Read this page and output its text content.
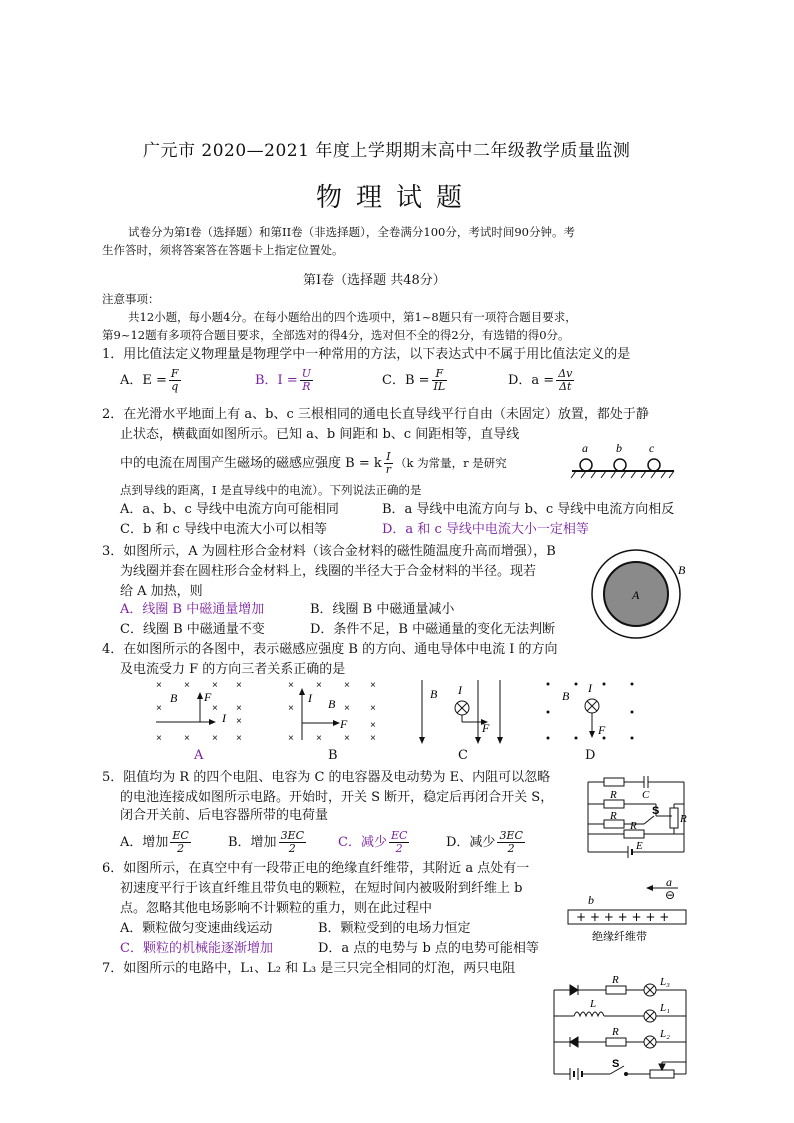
广元市 2020—2021 年度上学期期末高中二年级教学质量监测
物理试题
试卷分为第I卷（选择题）和第II卷（非选择题），全卷满分100分，考试时间90分钟。考
生作答时，须将答案答在答题卡上指定位置处。
第I卷（选择题 共48分）
注意事项：
共12小题，每小题4分。在每小题给出的四个选项中，第1~8题只有一项符合题目要求，
第9~12题有多项符合题目要求，全部选对的得4分，选对但不全的得2分，有选错的得0分。
1．用比值法定义物理量是物理学中一种常用的方法，以下表达式中不属于用比值法定义的是
A．$E = \frac{F}{q}$	B．$I = \frac{U}{R}$	C．$B = \frac{F}{IL}$	D．$a = \frac{\Delta v}{\Delta t}$
2．在光滑水平地面上有 a、b、c 三根相同的通电长直导线平行自由（未固定）放置，都处于静
止状态，横截面如图所示。已知 a、b 间距和 b、c 间距相等，直导线
中的电流在周围产生磁场的磁感应强度 B = k $\frac{I}{r} (k$ 为常量，r 是研究
点到导线的距离，I 是直导线中的电流）。下列说法正确的是
A．a、b、c 导线中电流方向可能相同	B．a 导线中电流方向与 b、c 导线中电流方向相反
C．b 和 c 导线中电流大小可以相等	D．a 和 c 导线中电流大小一定相等
a b c
3．如图所示，A 为圆柱形合金材料（该合金材料的磁性随温度升高而增强），B
为线圈并套在圆柱形合金材料上，线圈的半径大于合金材料的半径。现若
给 A 加热，则
A．线圈 B 中磁通量增加	B．线圈 B 中磁通量减小
C．线圈 B 中磁通量不变	D．条件不足，B 中磁通量的变化无法判断
A
B
4．在如图所示的各图中，表示磁感应强度 B 的方向、通电导体中电流 I 的方向
及电流受力 F 的方向三者关系正确的是
× × × ×
×	× ×
×
× × × ×
B F
I
A
× × × ×
×	× ×
×
× × × ×
I B
F
B
B I
F
C
B
I
F
D
5．阻值均为 R 的四个电阻、电容为 C 的电容器及电动势为 E、内阻可以忽略
的电池连接成如图所示电路。开始时，开关 S 断开，稳定后再闭合开关 S，
闭合开关前、后电容器所带的电荷量
A．增加 $\frac{EC}{2}$	B．增加 $\frac{3EC}{2}$ C．减少 $\frac{EC}{2}$	D．减少 $\frac{3EC}{2}$
R C
R	S
R
R
E
6．如图所示，在真空中有一段带正电的绝缘直纤维带，其附近 a 点处有一
初速度平行于该直纤维且带负电的颗粒，在短时间内被吸附到纤维上 b
点。忽略其他电场影响不计颗粒的重力，则在此过程中
A．颗粒做匀变速曲线运动	B．颗粒受到的电场力恒定
C．颗粒的机械能逐渐增加	D．a 点的电势与 b 点的电势可能相等
a
⊖
b
+ + + + + + +
绝缘纤维带
7．如图所示的电路中，L₁、L₂ 和 L₃ 是三只完全相同的灯泡，两只电阻
R	L₃
L	L₁
R	L₂
S
